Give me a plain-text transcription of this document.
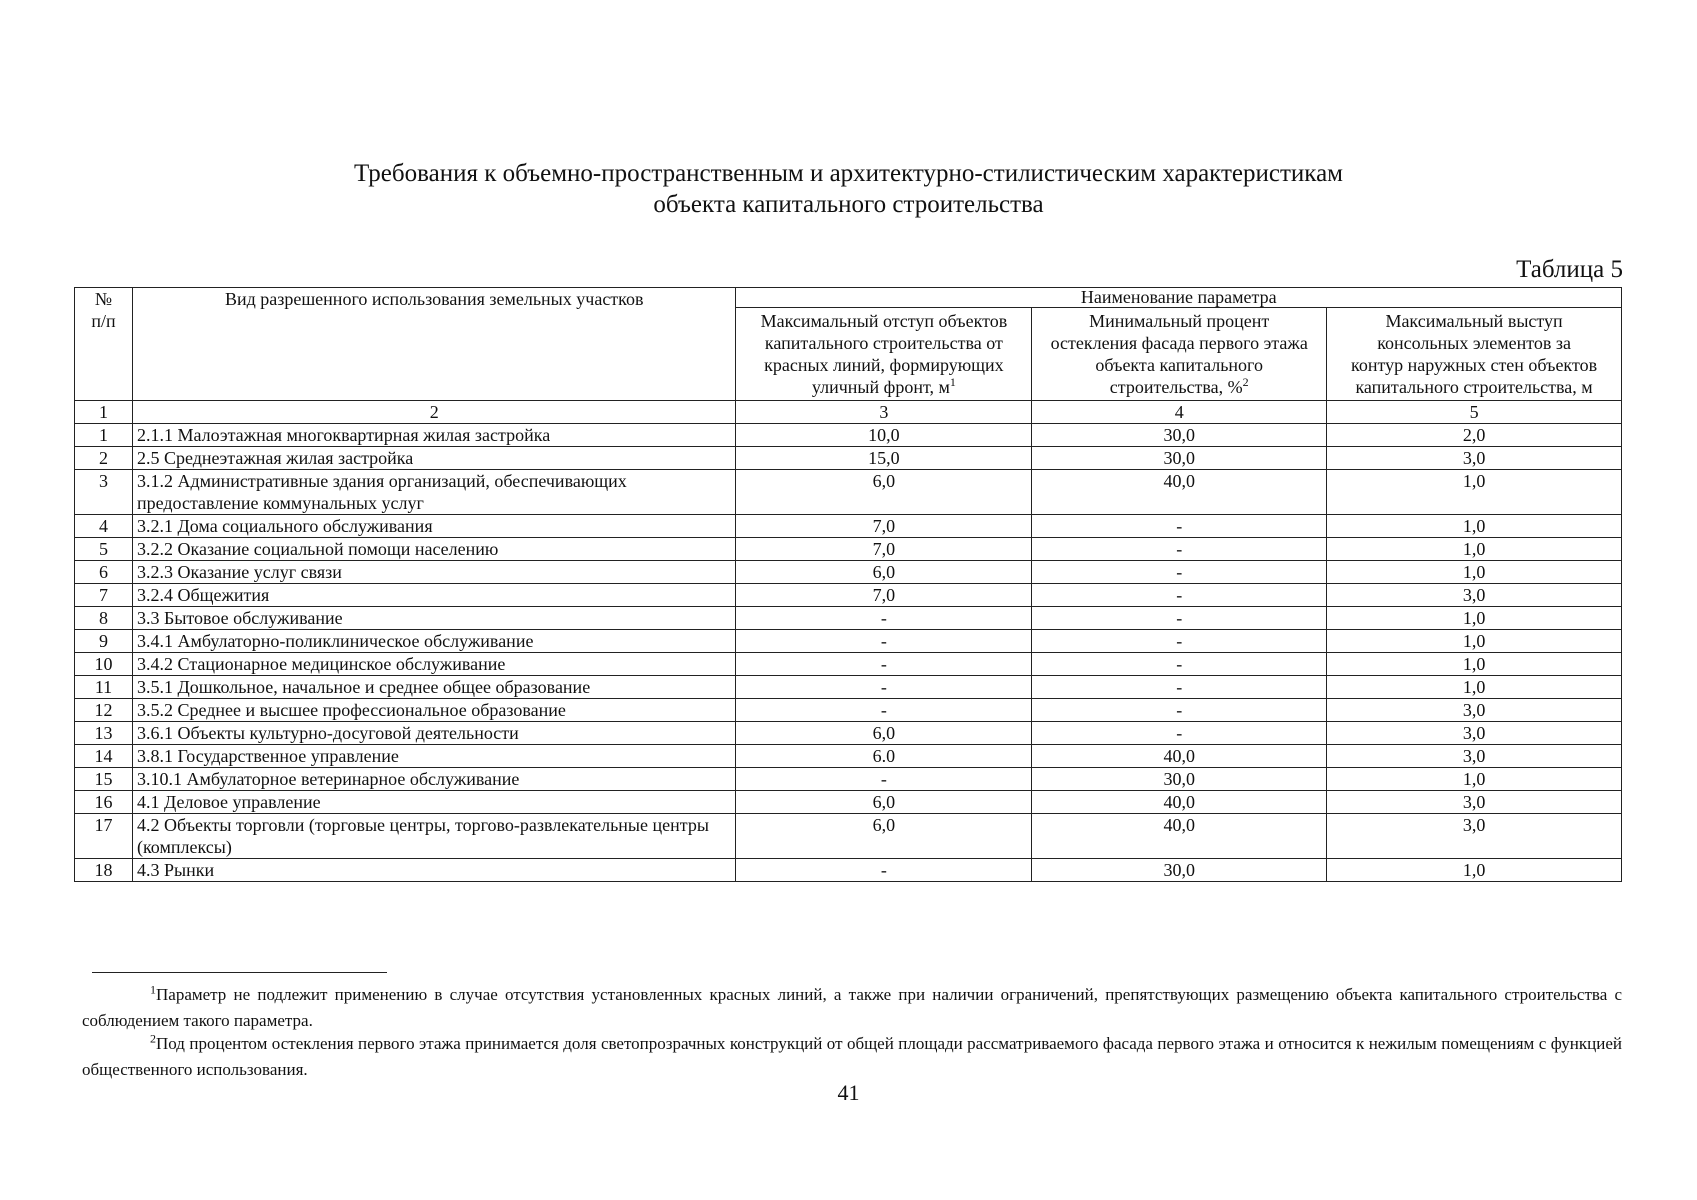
Требования к объемно-пространственным и архитектурно-стилистическим характеристикам
объекта капитального строительства
Таблица 5
№ п/п	Вид разрешенного использования земельных участков	Наименование параметра		
		Максимальный отступ объектов капитального строительства от красных линий, формирующих уличный фронт, $м^1$	Минимальный процент остекления фасада первого этажа объекта капитального строительства, %$^2$	Максимальный выступ консольных элементов за контур наружных стен объектов капитального строительства, м
1	2	3	4	5
1	2.1.1 Малоэтажная многоквартирная жилая застройка	10,0	30,0	2,0
2	2.5 Среднеэтажная жилая застройка	15,0	30,0	3,0
3	3.1.2 Административные здания организаций, обеспечивающих предоставление коммунальных услуг	6,0	40,0	1,0
4	3.2.1 Дома социального обслуживания	7,0	-	1,0
5	3.2.2 Оказание социальной помощи населению	7,0	-	1,0
6	3.2.3 Оказание услуг связи	6,0	-	1,0
7	3.2.4 Общежития	7,0	-	3,0
8	3.3 Бытовое обслуживание	-	-	1,0
9	3.4.1 Амбулаторно-поликлиническое обслуживание	-	-	1,0
10	3.4.2 Стационарное медицинское обслуживание	-	-	1,0
11	3.5.1 Дошкольное, начальное и среднее общее образование	-	-	1,0
12	3.5.2 Среднее и высшее профессиональное образование	-	-	3,0
13	3.6.1 Объекты культурно-досуговой деятельности	6,0	-	3,0
14	3.8.1 Государственное управление	6.0	40,0	3,0
15	3.10.1 Амбулаторное ветеринарное обслуживание	-	30,0	1,0
16	4.1 Деловое управление	6,0	40,0	3,0
17	4.2 Объекты торговли (торговые центры, торгово-развлекательные центры (комплексы)	6,0	40,0	3,0
18	4.3 Рынки	-	30,0	1,0
$^1$Параметр не подлежит применению в случае отсутствия установленных красных линий, а также при наличии ограничений, препятствующих размещению объекта капитального строительства с соблюдением такого параметра.
$^2$Под процентом остекления первого этажа принимается доля светопрозрачных конструкций от общей площади рассматриваемого фасада первого этажа и относится к нежилым помещениям с функцией общественного использования.
41
